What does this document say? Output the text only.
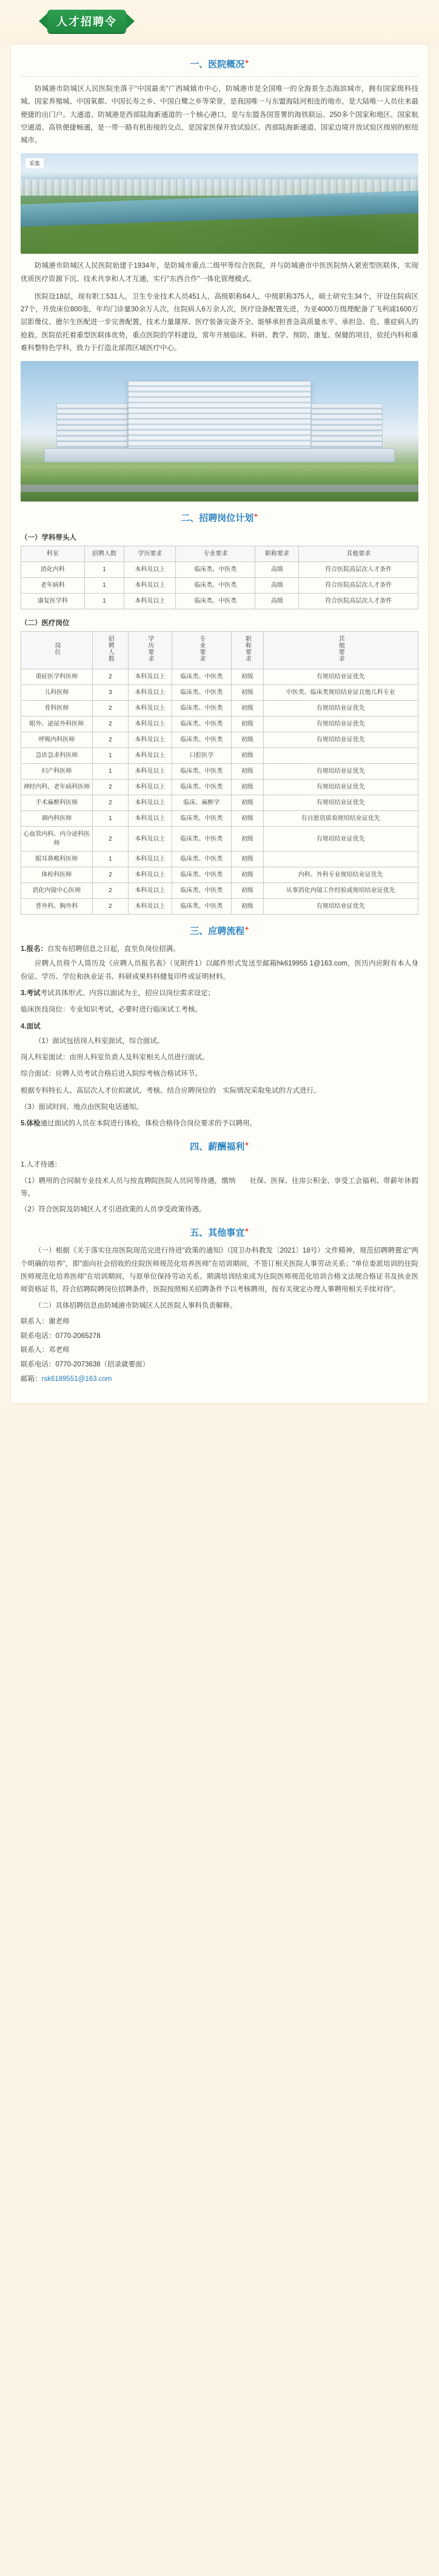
人才招聘令
一、医院概况✦

防城港市防城区人民医院坐落于"中国最美"广西城镇市中心，防城港市是全国唯一的全海景生态海滨城市，拥有国家级科技城、国家养殖城、中国氧都、中国长寿之乡、中国白鹭之乡等荣誉，是我国唯一与东盟海陆河相连的地市，是大陆唯一人员往来最便捷的出门户。大通道、防城港是西部陆海新通道的一个核心港口，是与东盟各国签署的海铁联运、250多个国家和地区、国家航空通道、高铁便捷畅通，是一带一路有机衔接的交点，是国家医保开放试验区、西部陆海新通道、国家边境开放试验区级别的枢纽城市。

采集

防城港市防城区人民医院始建于1934年，是防城市重点二级甲等综合医院，并与防城港市中医医院纳入紧密型医联体，实现优质医疗资源下沉、技术共享和人才互通，实行"东西合作"一体化管理模式。

医院设18层，现有职工531人，卫生专业技术人员451人，高级职称64人，中级职称375人，硕士研究生34个，开设住院病区27个，开放床位800张，年均门诊量30余万人次，住院病人6万余人次，医疗设备配置先进，为亚4000万级理配备了飞利浦1600万层影像仪、德尔生医配进一步完善配置，技术力量雄厚、医疗装备完备齐全、能够承担普急高质量水平、承担急、危、重症病人的抢救。医院依托着重型医联体优势，重点医院的学科建设，常年开展临床、科研、教学、预防、康复、保健的项目，依托内科和重难科整特色学科，致力于打造北部湾区域医疗中心。

二、招聘岗位计划✦
（一）学科带头人
科室	招聘人数	学历要求	专业要求	职称要求	其他要求
消化内科	1	本科及以上	临床类、中医类	高级	符合医院高层次人才条件
老年病科	1	本科及以上	临床类、中医类	高级	符合医院高层次人才条件
康复医学科	1	本科及以上	临床类、中医类	高级	符合医院高层次人才条件
（二）医疗岗位
岗位	招聘人数	学历要求	专业要求	职称要求	其他要求
重症医学科医师	2	本科及以上	临床类、中医类	初级	有规培结业证优先
儿科医师	3	本科及以上	临床类、中医类	初级	中医类、临床类规培结业证且他儿科专业
骨科医师	2	本科及以上	临床类、中医类	初级	有规培结业证优先
眼外、泌尿外科医师	2	本科及以上	临床类、中医类	初级	有规培结业证优先
呼吸内科医师	2	本科及以上	临床类、中医类	初级	有规培结业证优先
急诊急求科医师	1	本科及以上	口腔医学	初级	
妇产科医师	1	本科及以上	临床类、中医类	初级	有规培结业证优先
神经内科、老年病科医师	2	本科及以上	临床类、中医类	初级	有规培结业证优先
手术麻醉科医师	2	本科及以上	临床、麻醉学	初级	有规培结业证优先
调内科医师	1	本科及以上	临床类、中医类	初级	有自愿资质看规培结业证优先
心血管内科、内分泌科医师	2	本科及以上	临床类、中医类	初级	有规培结业证优先
眼耳鼻喉科医师	1	本科及以上	临床类、中医类	初级	
体检科医师	2	本科及以上	临床类、中医类	初级	内科、外科专业规培结业证优先
消化内镜中心医师	2	本科及以上	临床类、中医类	初级	从事消化内镜工作经验或规培结业证优先
普外科、胸外科	2	本科及以上	临床类、中医类	初级	有规培结业证优先
三、应聘流程✦
1.报名：自发布招聘信息之日起，直至负岗位招满。

应聘人员将个人简历及《应聘人员报名表》（见附件1）以邮件形式发送至邮箱hk619955 1@163.com，医历内应附有本人身份证、学历、学位和执业证书、科研成果科科健复印件或证明材料。

3.考试考试具体形式、内容以面试为主，招应以岗位需求设定；
临床医技岗位：专业知识考试，必要时进行临床试工考核。
4.面试

（1）面试包括岗人科室面试，综合面试。

岗人科室面试：由用人科室负责人及科室相关人员进行面试。
综合面试：应聘人员考试合格后进入院综考核合格试环节。
根据专科特长人、高层次人才位拟就试，考核、结合应聘岗位的　实际情况采取免试的方式进行。
（3）面试时间、地点由医院电话通知。
5.体检通过面试的人员在本院进行体检，体检合格待合岗位要求的予以聘用。
四、薪酬福利✦

1.人才待遇：

（1）聘用的合同制专业技术人员与按直聘院医院人员同等待遇，缴纳　　社保、医保、住房公积金、享受工会福利、带薪年休假等。

（2）符合医院及防城区人才引进政策的人员享受政策待遇。

五、其他事宜✦

（一）根据《关于落实住房医院现范完进行待进"政策的通知》（国卫办科教发〔2021〕18号）文件精神，规范招聘聘置定"两个明确的培养"，即"面向社会招收的住院医师规范化培养医师"在培训期间，不签订相关医院人事劳动关系；"单位委派培训的住院医师规范化培养医师"在培训期间，与原单位保持劳动关系。期满培训结束成为住院医师规范化培训合格文法规合格证书及执业医师资格证书，符合招聘院聘岗位招聘条件，医院按照相关招聘条件予以考核聘用，按有关规定办理人事聘用相关手续对待"。

（二）具体招聘信息由防城港市防城区人民医院人事科负责解释。

联系人：谢老师

联系电话：0770-2065278

联系人：邓老师

联系电话：0770-2073638（招录就要面）

邮箱：rsk6189551@163.com
